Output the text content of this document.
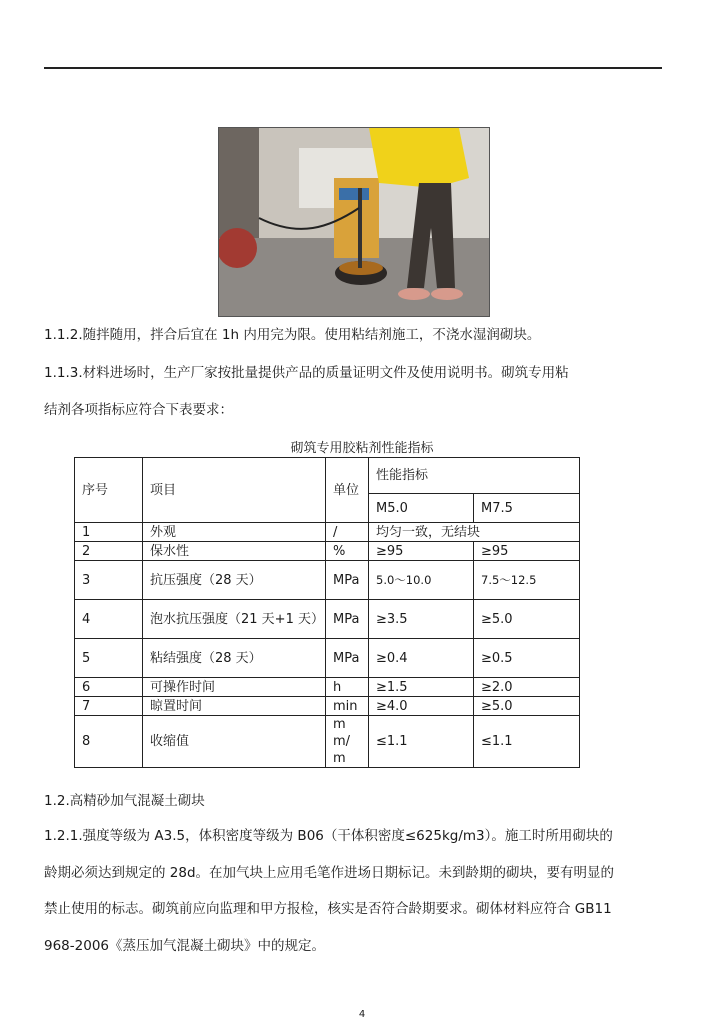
1.1.2.随拌随用，拌合后宜在 1h 内用完为限。使用粘结剂施工，不浇水湿润砌块。
1.1.3.材料进场时，生产厂家按批量提供产品的质量证明文件及使用说明书。砌筑专用粘
结剂各项指标应符合下表要求：
砌筑专用胶粘剂性能指标
序号	项目	单位	性能指标	
			M5.0	M7.5
1	外观	/	均匀一致，无结块	
2	保水性	%	≥95	≥95
3	抗压强度（28 天）	MPa	5.0～10.0	7.5～12.5
4	泡水抗压强度（21 天+1 天）	MPa	≥3.5	≥5.0
5	粘结强度（28 天）	MPa	≥0.4	≥0.5
6	可操作时间	h	≥1.5	≥2.0
7	晾置时间	min	≥4.0	≥5.0
8	收缩值	mm/m	≤1.1	≤1.1
1.2.高精砂加气混凝土砌块
1.2.1.强度等级为 A3.5，体积密度等级为 B06（干体积密度≤625kg/m3）。施工时所用砌块的
龄期必须达到规定的 28d。在加气块上应用毛笔作进场日期标记。未到龄期的砌块，要有明显的
禁止使用的标志。砌筑前应向监理和甲方报检，核实是否符合龄期要求。砌体材料应符合 GB11
968-2006《蒸压加气混凝土砌块》中的规定。
4
